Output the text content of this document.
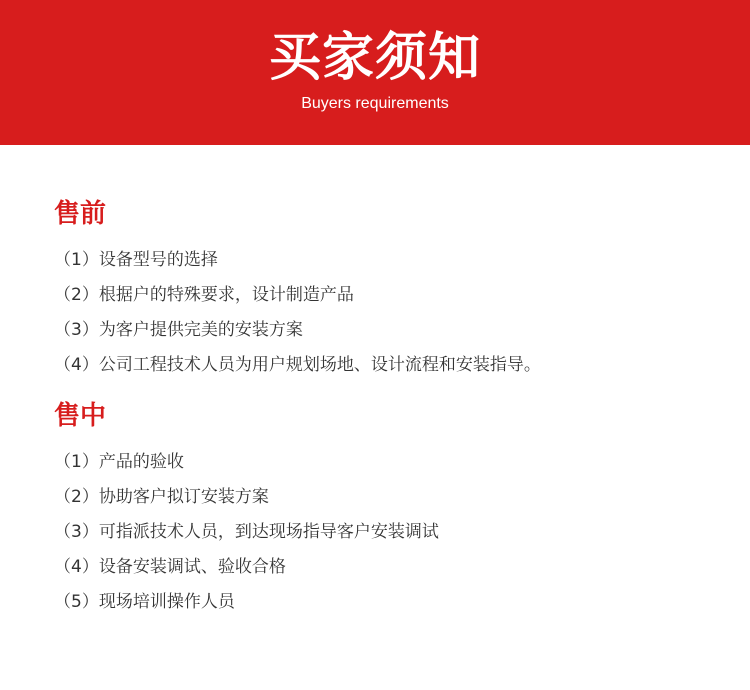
买家须知
Buyers requirements
售前
（1）设备型号的选择
（2）根据户的特殊要求，设计制造产品
（3）为客户提供完美的安装方案
（4）公司工程技术人员为用户规划场地、设计流程和安装指导。
售中
（1）产品的验收
（2）协助客户拟订安装方案
（3）可指派技术人员，到达现场指导客户安装调试
（4）设备安装调试、验收合格
（5）现场培训操作人员
